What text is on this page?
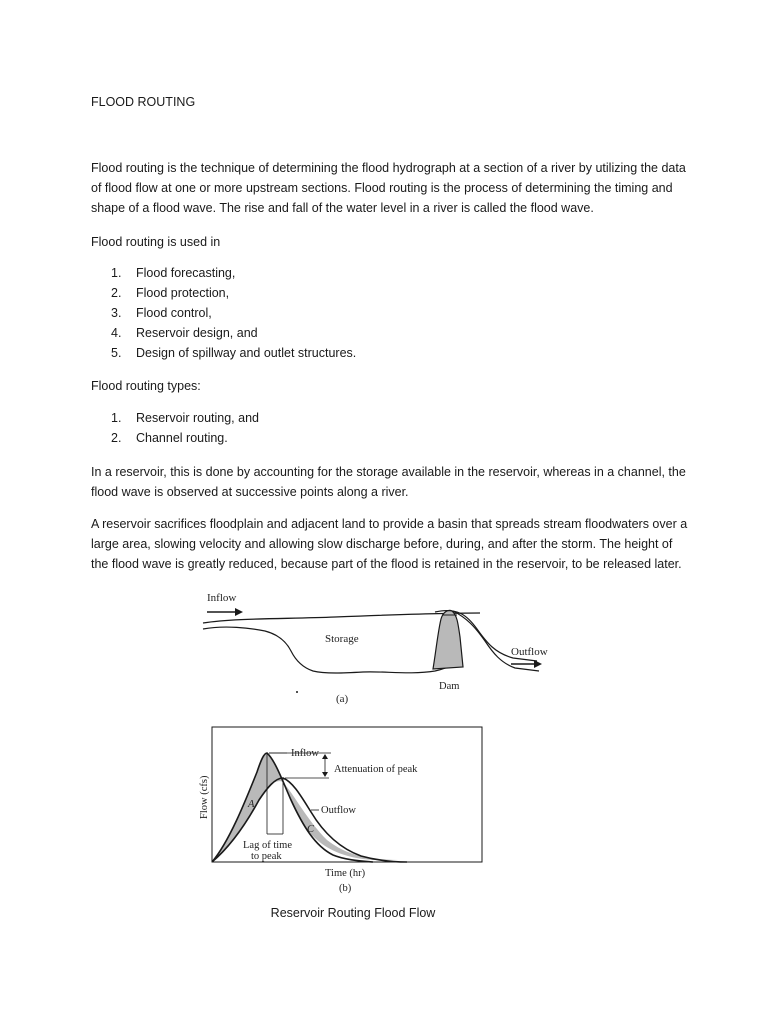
FLOOD ROUTING

Flood routing is the technique of determining the flood hydrograph at a section of a river by utilizing the data of flood flow at one or more upstream sections. Flood routing is the process of determining the timing and shape of a flood wave. The rise and fall of the water level in a river is called the flood wave.

Flood routing is used in

1. Flood forecasting,
2. Flood protection,
3. Flood control,
4. Reservoir design, and
5. Design of spillway and outlet structures.

Flood routing types:

1. Reservoir routing, and
2. Channel routing.

In a reservoir, this is done by accounting for the storage available in the reservoir, whereas in a channel, the flood wave is observed at successive points along a river.

A reservoir sacrifices floodplain and adjacent land to provide a basin that spreads stream floodwaters over a large area, slowing velocity and allowing slow discharge before, during, and after the storm. The height of the flood wave is greatly reduced, because part of the flood is retained in the reservoir, to be released later.

Inflow
Storage
Outflow
Dam
(a)
Inflow
Attenuation of peak
Outflow
A
C
Lag of time
to peak
Flow (cfs)
Time (hr)
(b)
Reservoir Routing Flood Flow
